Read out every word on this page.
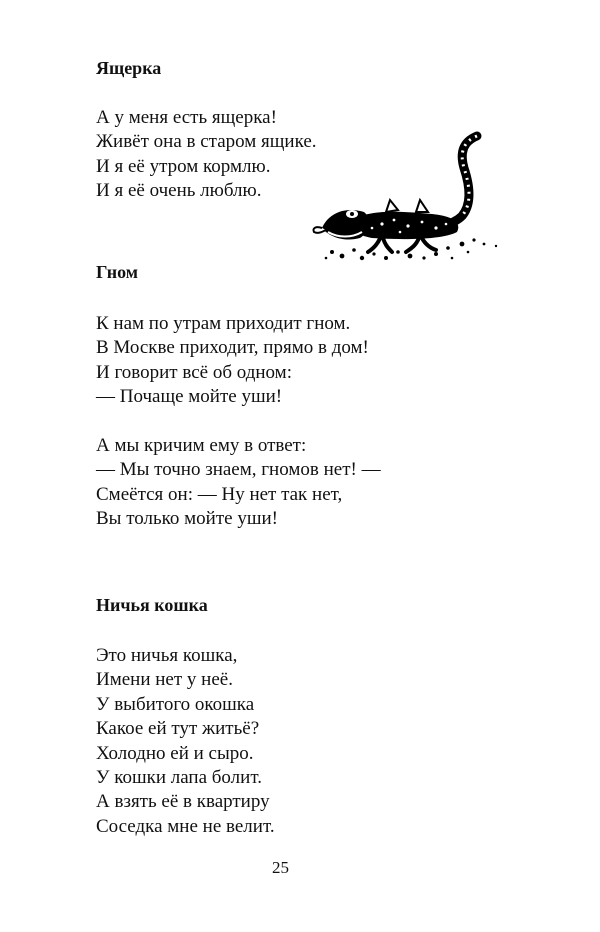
Ящерка

А у меня есть ящерка!
Живёт она в старом ящике.
И я её утром кормлю.
И я её очень люблю.

Гном

К нам по утрам приходит гном.
В Москве приходит, прямо в дом!
И говорит всё об одном:
— Почаще мойте уши!

А мы кричим ему в ответ:
— Мы точно знаем, гномов нет! —
Смеётся он: — Ну нет так нет,
Вы только мойте уши!

Ничья кошка

Это ничья кошка,
Имени нет у неё.
У выбитого окошка
Какое ей тут житьё?
Холодно ей и сыро.
У кошки лапа болит.
А взять её в квартиру
Соседка мне не велит.

25
